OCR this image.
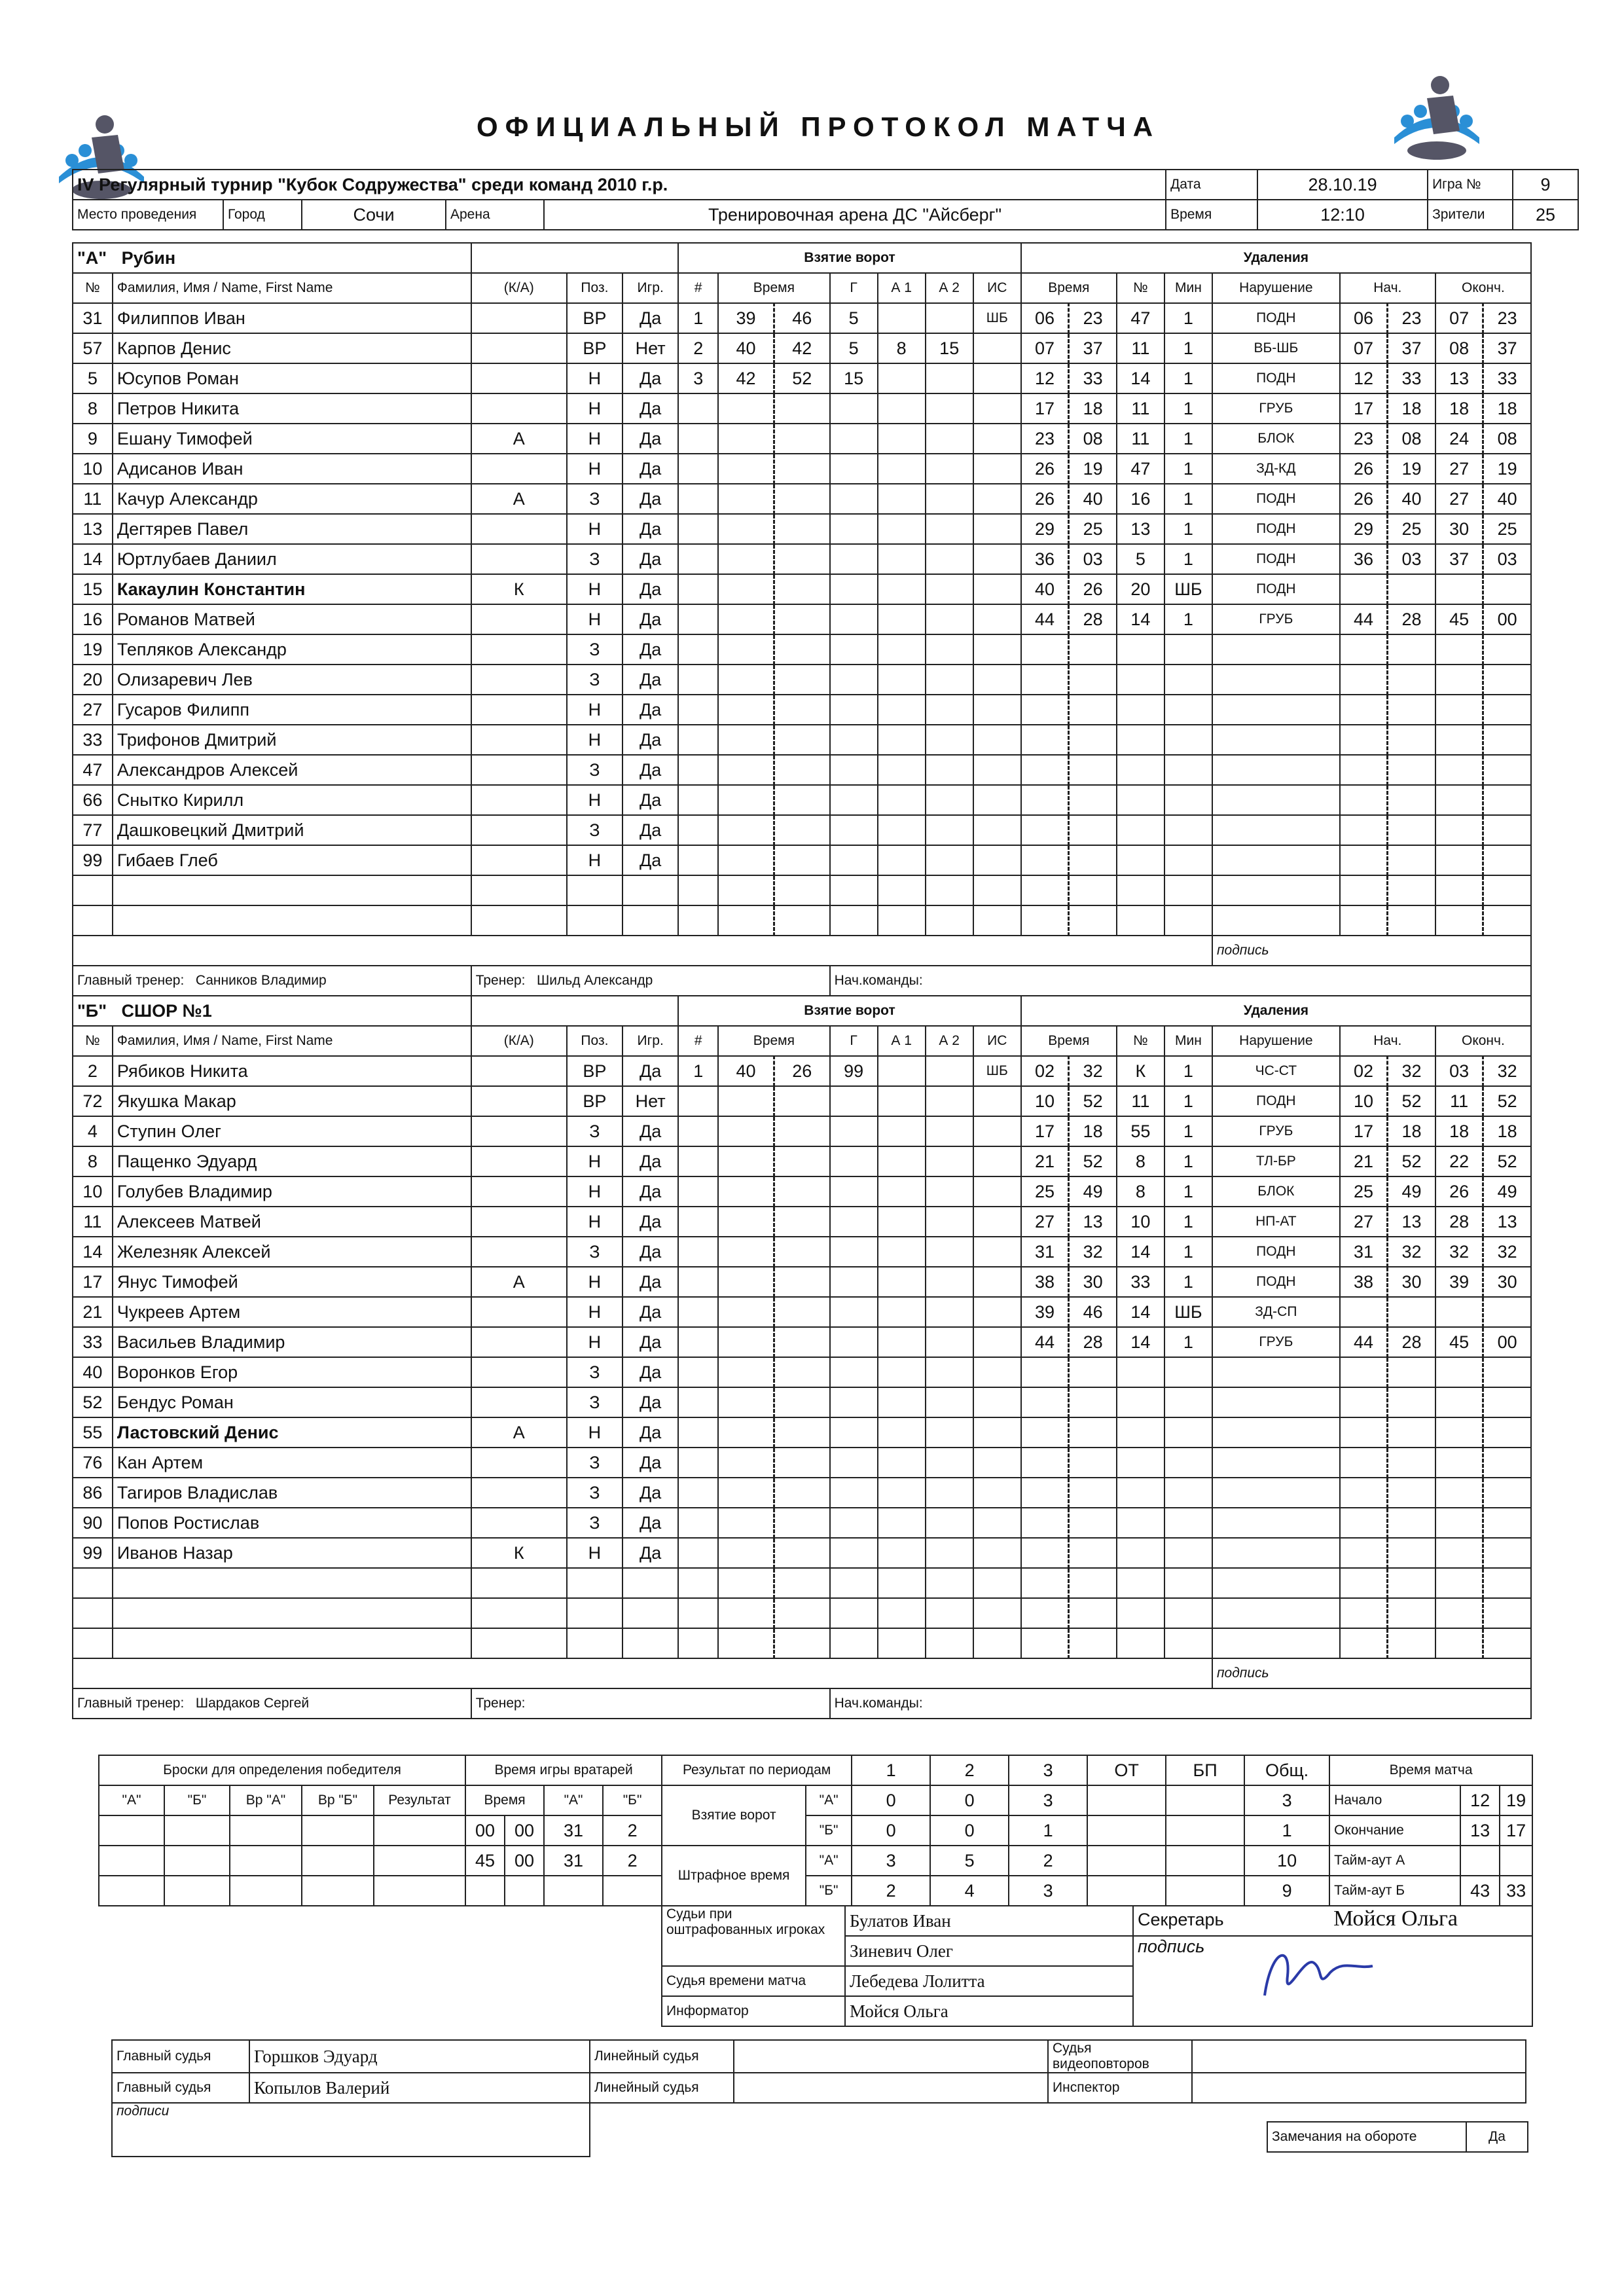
ОФИЦИАЛЬНЫЙ ПРОТОКОЛ МАТЧА
IV Регулярный турнир "Кубок Содружества" среди команд 2010 г.р.					Дата	28.10.19	Игра №	9
Место проведения	Город	Сочи	Арена	Тренировочная арена ДС "Айсберг"	Время	12:10	Зрители	25
"А" Рубин					Взятие ворот							Удаления								
№	Фамилия, Имя / Name, First Name	(К/А)	Поз.	Игр.	#	Время		Г	А 1	А 2	ИС	Время		№	Мин	Нарушение	Нач.		Оконч.	
31	Филиппов Иван		ВР	Да	1	39	46	5			ШБ	06	23	47	1	ПОДН	06	23	07	23
57	Карпов Денис		ВР	Нет	2	40	42	5	8	15		07	37	11	1	ВБ-ШБ	07	37	08	37
5	Юсупов Роман		Н	Да	3	42	52	15				12	33	14	1	ПОДН	12	33	13	33
8	Петров Никита		Н	Да								17	18	11	1	ГРУБ	17	18	18	18
9	Ешану Тимофей	А	Н	Да								23	08	11	1	БЛОК	23	08	24	08
10	Адисанов Иван		Н	Да								26	19	47	1	ЗД-КД	26	19	27	19
11	Качур Александр	А	З	Да								26	40	16	1	ПОДН	26	40	27	40
13	Дегтярев Павел		Н	Да								29	25	13	1	ПОДН	29	25	30	25
14	Юртлубаев Даниил		З	Да								36	03	5	1	ПОДН	36	03	37	03
15	Какаулин Константин	К	Н	Да								40	26	20	ШБ	ПОДН				
16	Романов Матвей		Н	Да								44	28	14	1	ГРУБ	44	28	45	00
19	Тепляков Александр		З	Да																
20	Олизаревич Лев		З	Да																
27	Гусаров Филипп		Н	Да																
33	Трифонов Дмитрий		Н	Да																
47	Александров Алексей		З	Да																
66	Снытко Кирилл		Н	Да																
77	Дашковецкий Дмитрий		З	Да																
99	Гибаев Глеб		Н	Да																

																подпись				
Главный тренер: Санников Владимир		Тренер: Шильд Александр						Нач.команды:												
"Б" СШОР №1					Взятие ворот							Удаления								
№	Фамилия, Имя / Name, First Name	(К/А)	Поз.	Игр.	#	Время		Г	А 1	А 2	ИС	Время		№	Мин	Нарушение	Нач.		Оконч.	
2	Рябиков Никита		ВР	Да	1	40	26	99			ШБ	02	32	К	1	ЧС-СТ	02	32	03	32
72	Якушка Макар		ВР	Нет								10	52	11	1	ПОДН	10	52	11	52
4	Ступин Олег		З	Да								17	18	55	1	ГРУБ	17	18	18	18
8	Пащенко Эдуард		Н	Да								21	52	8	1	ТЛ-БР	21	52	22	52
10	Голубев Владимир		Н	Да								25	49	8	1	БЛОК	25	49	26	49
11	Алексеев Матвей		Н	Да								27	13	10	1	НП-АТ	27	13	28	13
14	Железняк Алексей		З	Да								31	32	14	1	ПОДН	31	32	32	32
17	Янус Тимофей	А	Н	Да								38	30	33	1	ПОДН	38	30	39	30
21	Чукреев Артем		Н	Да								39	46	14	ШБ	ЗД-СП				
33	Васильев Владимир		Н	Да								44	28	14	1	ГРУБ	44	28	45	00
40	Воронков Егор		З	Да																
52	Бендус Роман		З	Да																
55	Ластовский Денис	А	Н	Да																
76	Кан Артем		З	Да																
86	Тагиров Владислав		З	Да																
90	Попов Ростислав		З	Да																
99	Иванов Назар	К	Н	Да																

																подпись				
Главный тренер: Шардаков Сергей		Тренер:						Нач.команды:												
Броски для определения победителя					Время игры вратарей				Результат по периодам		1	2	3	ОТ	БП	Общ.	Время матча		
"А"	"Б"	Вр "А"	Вр "Б"	Результат	Время		"А"	"Б"	Взятие ворот	"А"	0	0	3			3	Начало	12	19
					00	00	31	2		"Б"	0	0	1			1	Окончание	13	17
					45	00	31	2	Штрафное время	"А"	3	5	2			10	Тайм-аут А		
										"Б"	2	4	3			9	Тайм-аут Б	43	33
Судьи при оштрафованных игроках	Булатов Иван	Секретарь Мойся Ольга
	Зиневич Олег	подпись

Судья времени матча	Лебедева Лолитта	
Информатор	Мойся Ольга	
Главный судья	Горшков Эдуард	Линейный судья		Судья видеоповторов	
Главный судья	Копылов Валерий	Линейный судья		Инспектор	
подписи					
Замечания на обороте	Да
